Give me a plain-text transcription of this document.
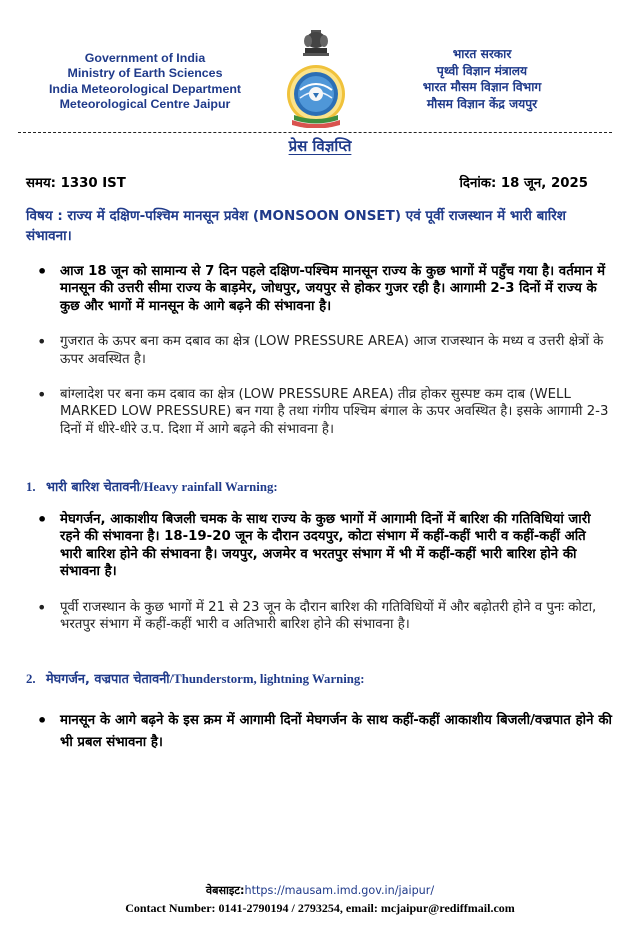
Government of India
Ministry of Earth Sciences
India Meteorological Department
Meteorological Centre Jaipur
भारत सरकार
पृथ्वी विज्ञान मंत्रालय
भारत मौसम विज्ञान विभाग
मौसम विज्ञान केंद्र जयपुर
प्रेस विज्ञप्ति
समय: 1330 IST	दिनांक: 18 जून, 2025
विषय : राज्य में दक्षिण-पश्चिम मानसून प्रवेश (MONSOON ONSET) एवं पूर्वी राजस्थान में भारी बारिश संभावना।
• आज 18 जून को सामान्य से 7 दिन पहले दक्षिण-पश्चिम मानसून राज्य के कुछ भागों में पहुँच गया है। वर्तमान में मानसून की उत्तरी सीमा राज्य के बाड़मेर, जोधपुर, जयपुर से होकर गुजर रही है। आगामी 2-3 दिनों में राज्य के कुछ और भागों में मानसून के आगे बढ़ने की संभावना है।
• गुजरात के ऊपर बना कम दबाव का क्षेत्र (LOW PRESSURE AREA) आज राजस्थान के मध्य व उत्तरी क्षेत्रों के ऊपर अवस्थित है।
• बांग्लादेश पर बना कम दबाव का क्षेत्र (LOW PRESSURE AREA) तीव्र होकर सुस्पष्ट कम दाब (WELL MARKED LOW PRESSURE) बन गया है तथा गंगीय पश्चिम बंगाल के ऊपर अवस्थित है। इसके आगामी 2-3 दिनों में धीरे-धीरे उ.प. दिशा में आगे बढ़ने की संभावना है।
1. भारी बारिश चेतावनी/Heavy rainfall Warning:
• मेघगर्जन, आकाशीय बिजली चमक के साथ राज्य के कुछ भागों में आगामी दिनों में बारिश की गतिविधियां जारी रहने की संभावना है। 18-19-20 जून के दौरान उदयपुर, कोटा संभाग में कहीं-कहीं भारी व कहीं-कहीं अति भारी बारिश होने की संभावना है। जयपुर, अजमेर व भरतपुर संभाग में भी में कहीं-कहीं भारी बारिश होने की संभावना है।
• पूर्वी राजस्थान के कुछ भागों में 21 से 23 जून के दौरान बारिश की गतिविधियों में और बढ़ोतरी होने व पुनः कोटा, भरतपुर संभाग में कहीं-कहीं भारी व अतिभारी बारिश होने की संभावना है।
2. मेघगर्जन, वज्रपात चेतावनी/Thunderstorm, lightning Warning:
• मानसून के आगे बढ़ने के इस क्रम में आगामी दिनों मेघगर्जन के साथ कहीं-कहीं आकाशीय बिजली/वज्रपात होने की भी प्रबल संभावना है।
वेबसाइट:https://mausam.imd.gov.in/jaipur/
Contact Number: 0141-2790194 / 2793254, email: mcjaipur@rediffmail.com
